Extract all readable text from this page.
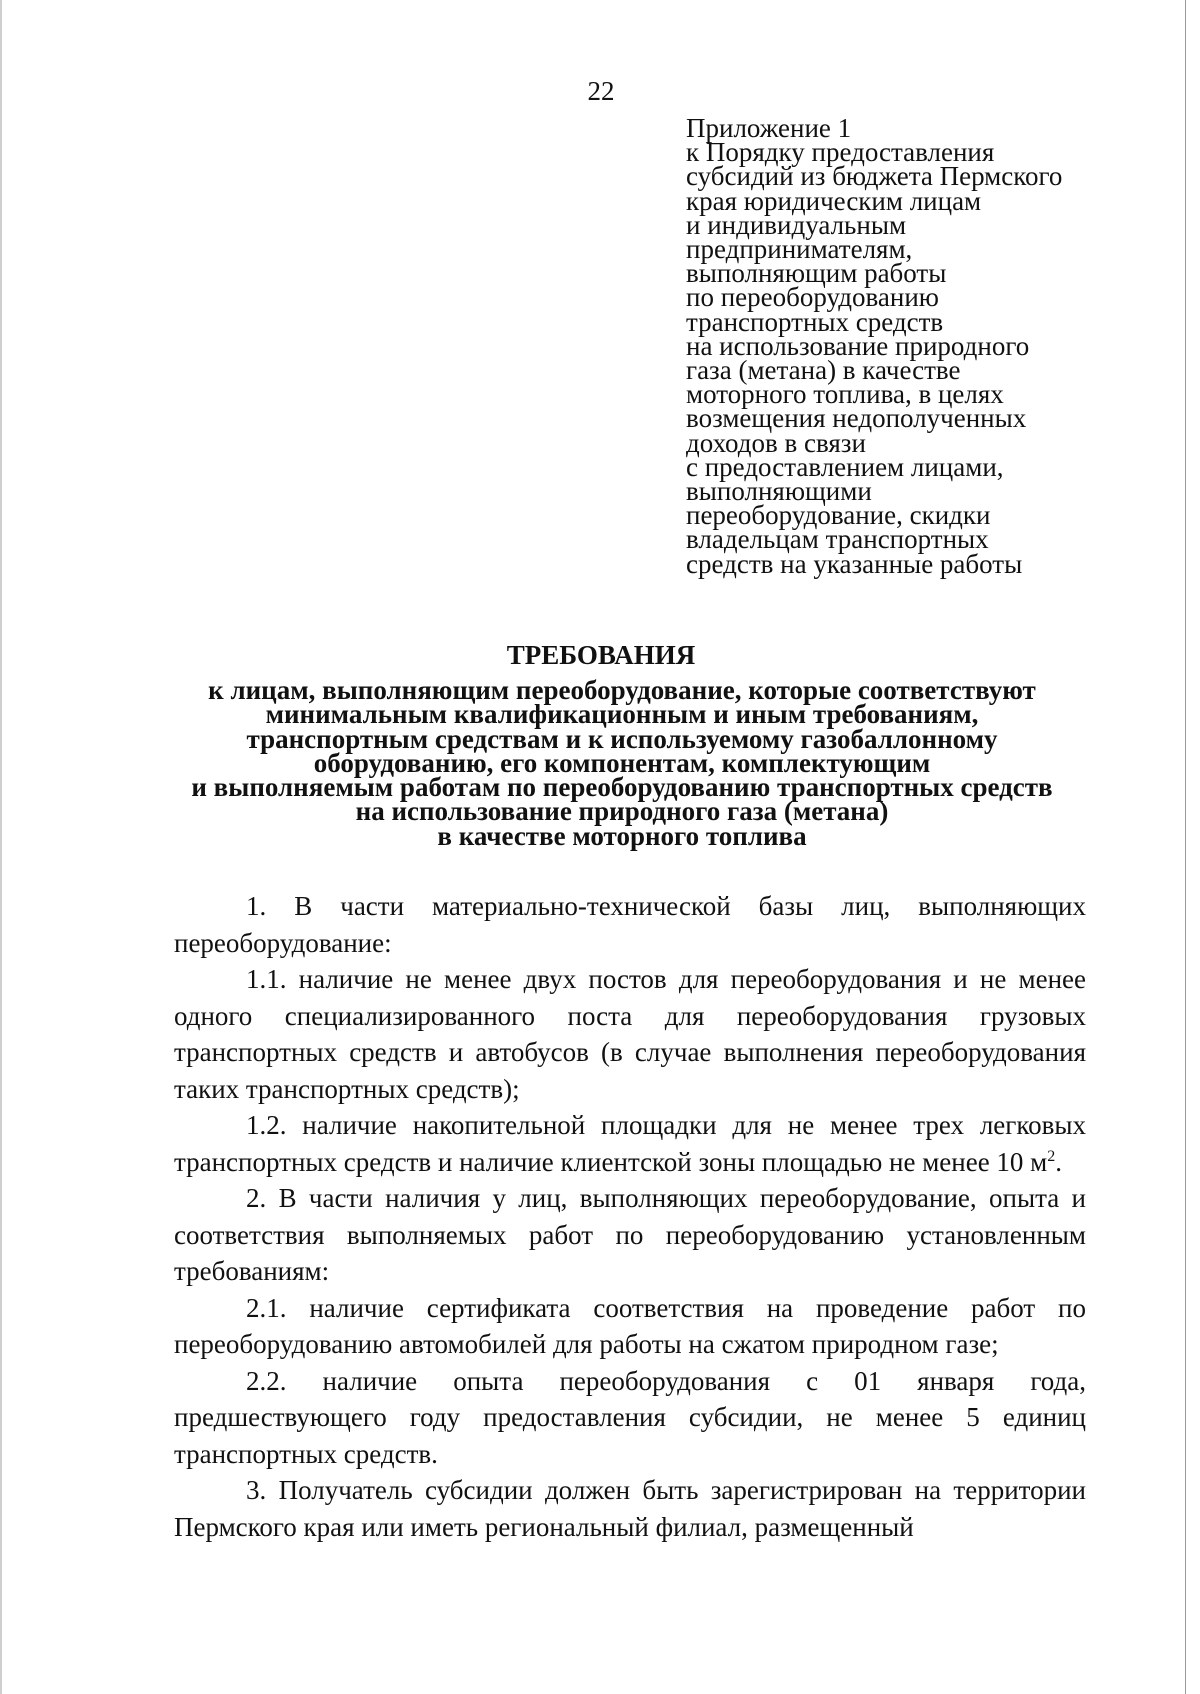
22
Приложение 1
к Порядку предоставления
субсидий из бюджета Пермского
края юридическим лицам
и индивидуальным
предпринимателям,
выполняющим работы
по переоборудованию
транспортных средств
на использование природного
газа (метана) в качестве
моторного топлива, в целях
возмещения недополученных
доходов в связи
с предоставлением лицами,
выполняющими
переоборудование, скидки
владельцам транспортных
средств на указанные работы
ТРЕБОВАНИЯ
к лицам, выполняющим переоборудование, которые соответствуют
минимальным квалификационным и иным требованиям,
транспортным средствам и к используемому газобаллонному
оборудованию, его компонентам, комплектующим
и выполняемым работам по переоборудованию транспортных средств
на использование природного газа (метана)
в качестве моторного топлива

1. В части материально-технической базы лиц, выполняющих переоборудование:

1.1. наличие не менее двух постов для переоборудования и не менее одного специализированного поста для переоборудования грузовых транспортных средств и автобусов (в случае выполнения переоборудования таких транспортных средств);

1.2. наличие накопительной площадки для не менее трех легковых транспортных средств и наличие клиентской зоны площадью не менее 10 $м^2$.

2. В части наличия у лиц, выполняющих переоборудование, опыта и соответствия выполняемых работ по переоборудованию установленным требованиям:

2.1. наличие сертификата соответствия на проведение работ по переоборудованию автомобилей для работы на сжатом природном газе;

2.2. наличие опыта переоборудования с 01 января года, предшествующего году предоставления субсидии, не менее 5 единиц транспортных средств.

3. Получатель субсидии должен быть зарегистрирован на территории Пермского края или иметь региональный филиал, размещенный
